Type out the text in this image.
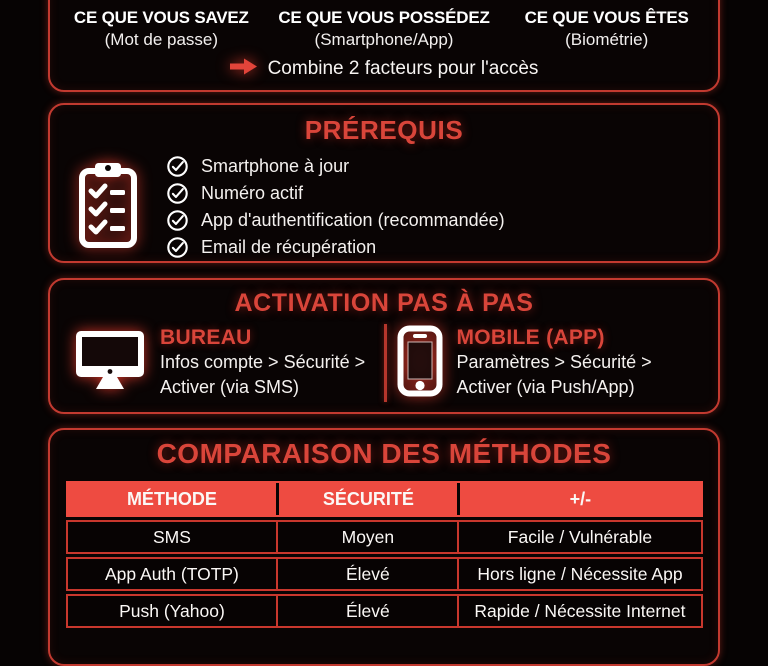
CE QUE VOUS SAVEZ
(Mot de passe)
CE QUE VOUS POSSÉDEZ
(Smartphone/App)
CE QUE VOUS ÊTES
(Biométrie)
Combine 2 facteurs pour l'accès
PRÉREQUIS
Smartphone à jour
Numéro actif
App d'authentification (recommandée)
Email de récupération
ACTIVATION PAS À PAS
BUREAU
Infos compte > Sécurité >
Activer (via SMS)
MOBILE (APP)
Paramètres > Sécurité >
Activer (via Push/App)
COMPARAISON DES MÉTHODES
MÉTHODE	SÉCURITÉ	+/-
SMS	Moyen	Facile / Vulnérable
App Auth (TOTP)	Élevé	Hors ligne / Nécessite App
Push (Yahoo)	Élevé	Rapide / Nécessite Internet
